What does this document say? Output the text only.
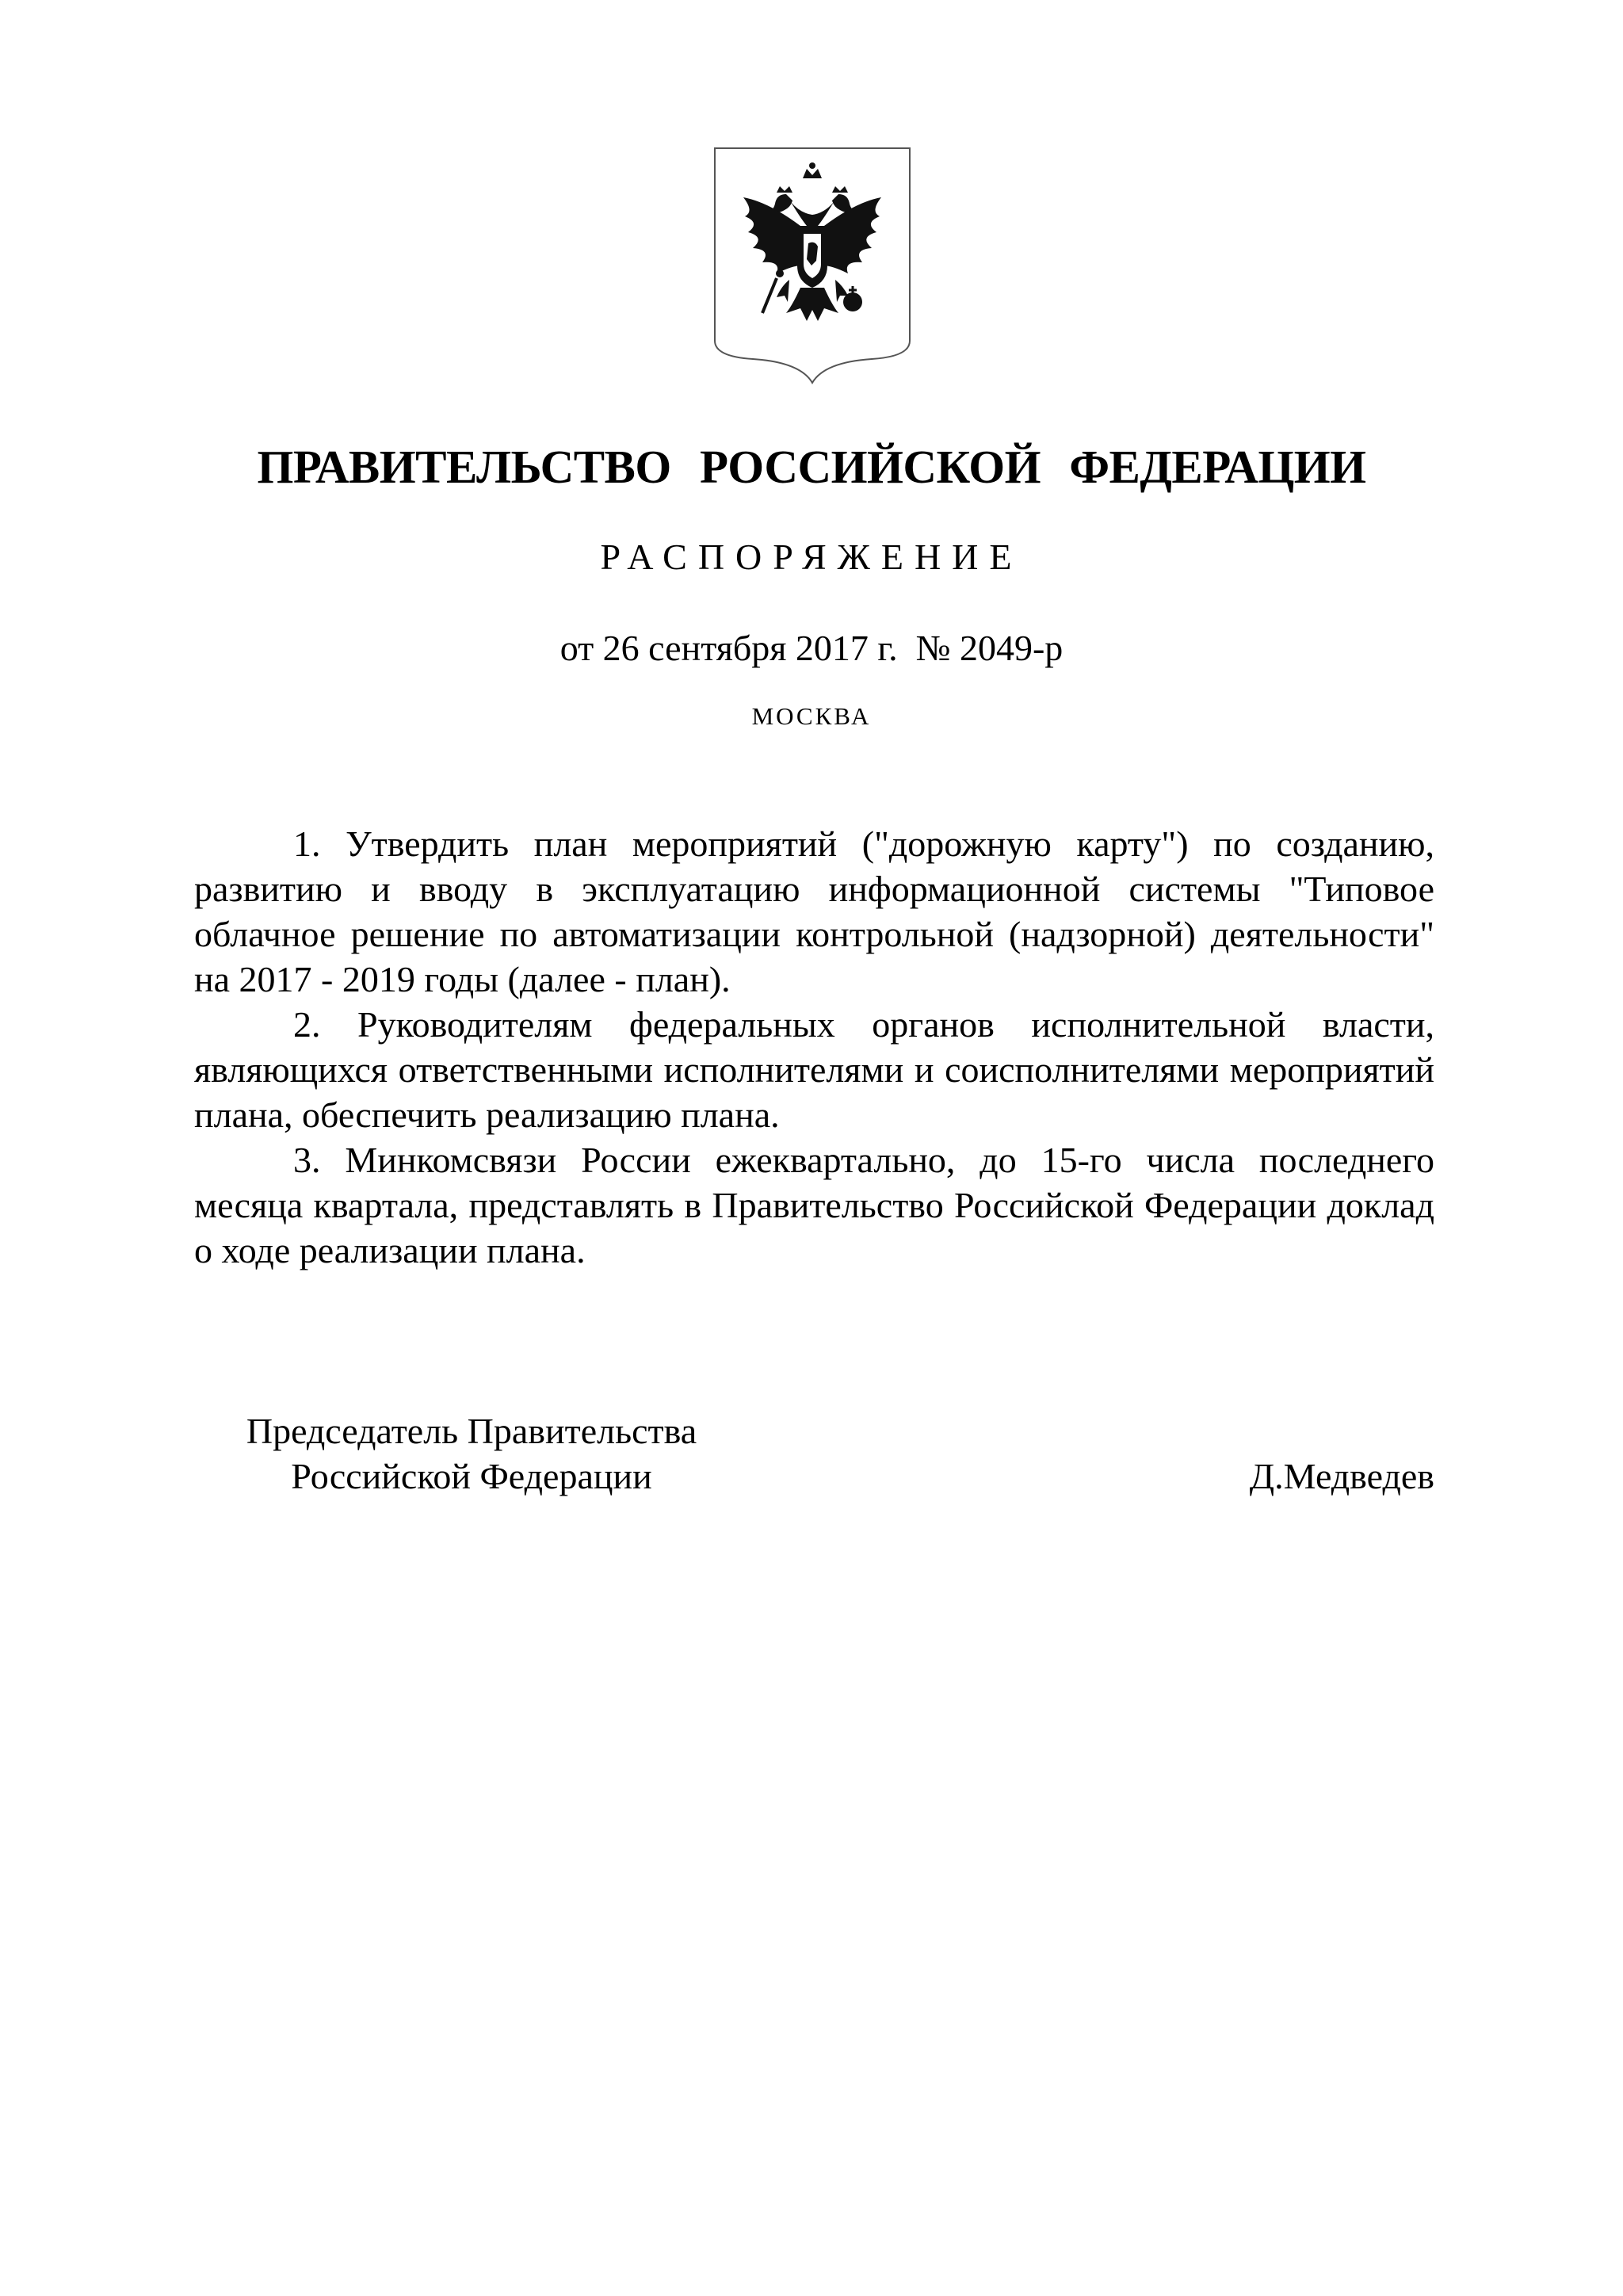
ПРАВИТЕЛЬСТВО РОССИЙСКОЙ ФЕДЕРАЦИИ
РАСПОРЯЖЕНИЕ
от 26 сентября 2017 г.  № 2049-р
МОСКВА

1. Утвердить план мероприятий ("дорожную карту") по созданию, развитию и вводу в эксплуатацию информационной системы "Типовое облачное решение по автоматизации контрольной (надзорной) деятельности" на 2017 - 2019 годы (далее - план).

2. Руководителям федеральных органов исполнительной власти, являющихся ответственными исполнителями и соисполнителями мероприятий плана, обеспечить реализацию плана.

3. Минкомсвязи России ежеквартально, до 15-го числа последнего месяца квартала, представлять в Правительство Российской Федерации доклад о ходе реализации плана.

Председатель Правительства
Российской Федерации	Д.Медведев
